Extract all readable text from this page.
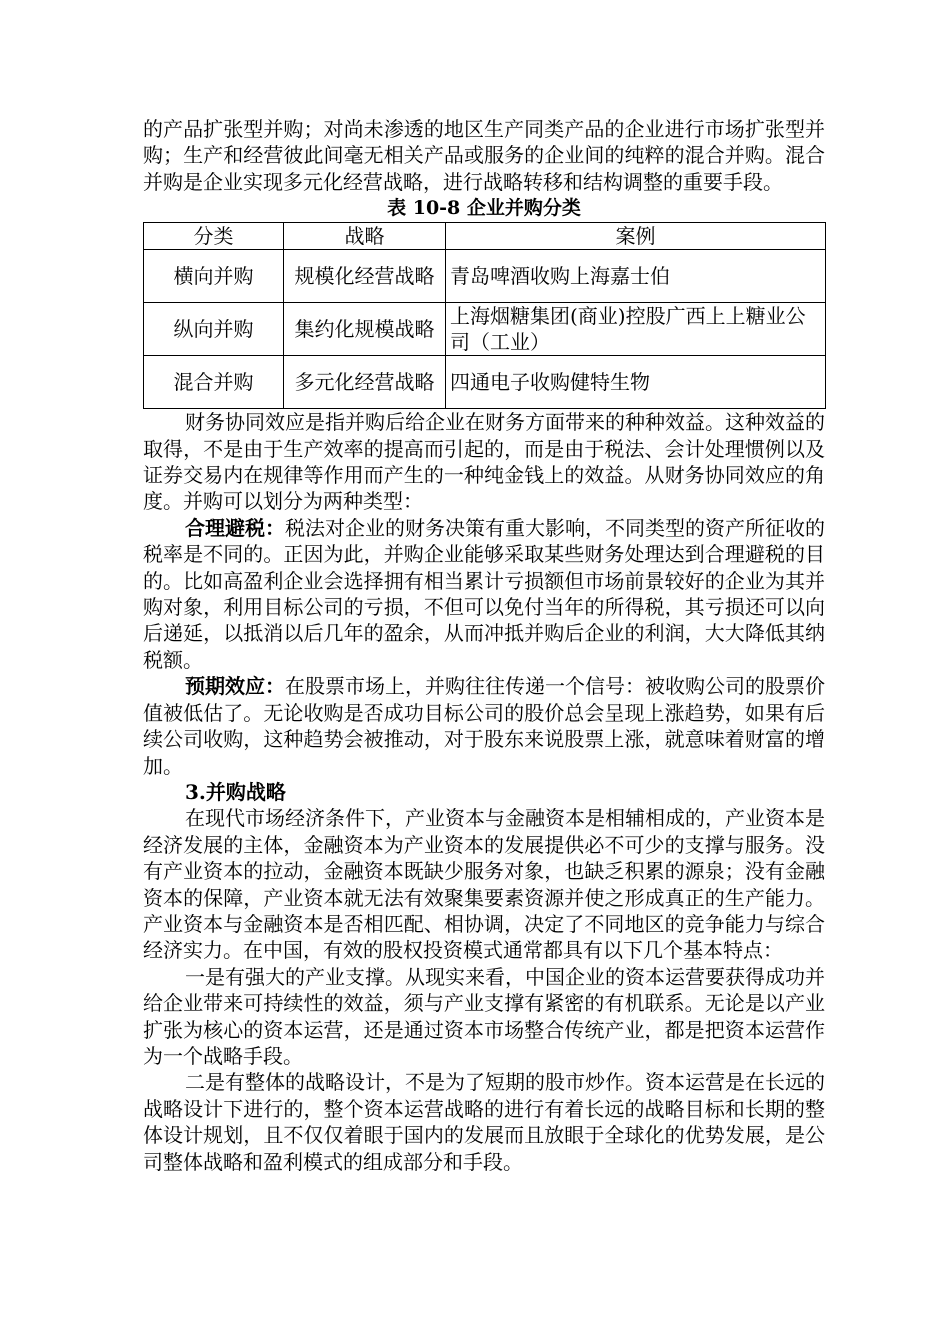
的产品扩张型并购；对尚未渗透的地区生产同类产品的企业进行市场扩张型并购；生产和经营彼此间毫无相关产品或服务的企业间的纯粹的混合并购。混合并购是企业实现多元化经营战略，进行战略转移和结构调整的重要手段。

表 10-8 企业并购分类

分类	战略	案例
横向并购	规模化经营战略	青岛啤酒收购上海嘉士伯
纵向并购	集约化规模战略	上海烟糖集团(商业)控股广西上上糖业公司（工业）
混合并购	多元化经营战略	四通电子收购健特生物

财务协同效应是指并购后给企业在财务方面带来的种种效益。这种效益的取得，不是由于生产效率的提高而引起的，而是由于税法、会计处理惯例以及证券交易内在规律等作用而产生的一种纯金钱上的效益。从财务协同效应的角度。并购可以划分为两种类型：

合理避税：税法对企业的财务决策有重大影响，不同类型的资产所征收的税率是不同的。正因为此，并购企业能够采取某些财务处理达到合理避税的目的。比如高盈利企业会选择拥有相当累计亏损额但市场前景较好的企业为其并购对象，利用目标公司的亏损，不但可以免付当年的所得税，其亏损还可以向后递延，以抵消以后几年的盈余，从而冲抵并购后企业的利润，大大降低其纳税额。

预期效应：在股票市场上，并购往往传递一个信号：被收购公司的股票价值被低估了。无论收购是否成功目标公司的股价总会呈现上涨趋势，如果有后续公司收购，这种趋势会被推动，对于股东来说股票上涨，就意味着财富的增加。

3.并购战略

在现代市场经济条件下，产业资本与金融资本是相辅相成的，产业资本是经济发展的主体，金融资本为产业资本的发展提供必不可少的支撑与服务。没有产业资本的拉动，金融资本既缺少服务对象，也缺乏积累的源泉；没有金融资本的保障，产业资本就无法有效聚集要素资源并使之形成真正的生产能力。产业资本与金融资本是否相匹配、相协调，决定了不同地区的竞争能力与综合经济实力。在中国，有效的股权投资模式通常都具有以下几个基本特点：

一是有强大的产业支撑。从现实来看，中国企业的资本运营要获得成功并给企业带来可持续性的效益，须与产业支撑有紧密的有机联系。无论是以产业扩张为核心的资本运营，还是通过资本市场整合传统产业，都是把资本运营作为一个战略手段。

二是有整体的战略设计，不是为了短期的股市炒作。资本运营是在长远的战略设计下进行的，整个资本运营战略的进行有着长远的战略目标和长期的整体设计规划，且不仅仅着眼于国内的发展而且放眼于全球化的优势发展，是公司整体战略和盈利模式的组成部分和手段。
